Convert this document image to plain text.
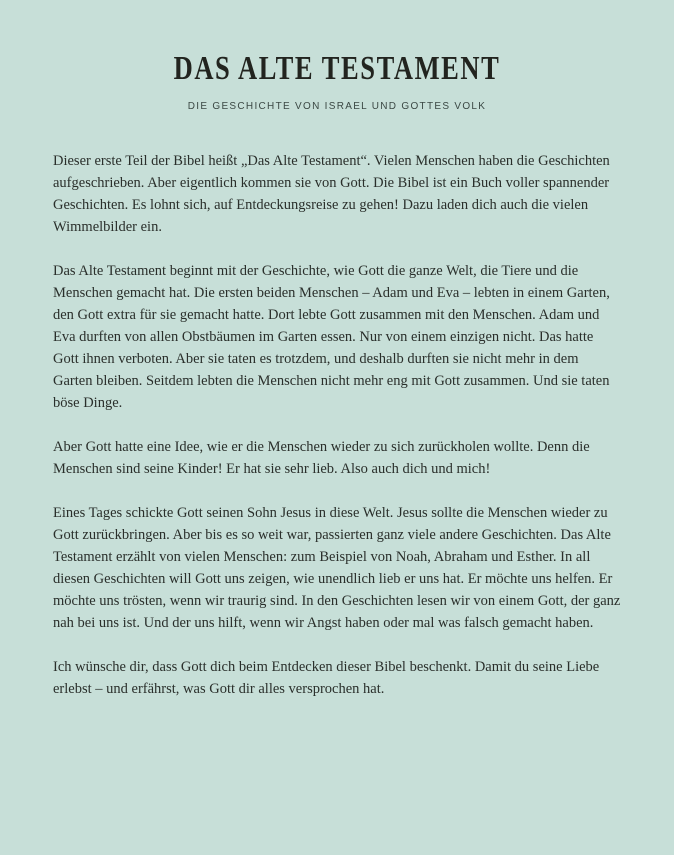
DAS ALTE TESTAMENT
DIE GESCHICHTE VON ISRAEL UND GOTTES VOLK

Dieser erste Teil der Bibel heißt „Das Alte Testament“. Vielen Menschen haben die Geschichten aufgeschrieben. Aber eigentlich kommen sie von Gott. Die Bibel ist ein Buch voller spannender Geschichten. Es lohnt sich, auf Entdeckungsreise zu gehen! Dazu laden dich auch die vielen Wimmelbilder ein.

Das Alte Testament beginnt mit der Geschichte, wie Gott die ganze Welt, die Tiere und die Menschen gemacht hat. Die ersten beiden Menschen – Adam und Eva – lebten in einem Garten, den Gott extra für sie gemacht hatte. Dort lebte Gott zusammen mit den Menschen. Adam und Eva durften von allen Obstbäumen im Garten essen. Nur von einem einzigen nicht. Das hatte Gott ihnen verboten. Aber sie taten es trotzdem, und deshalb durften sie nicht mehr in dem Garten bleiben. Seitdem lebten die Menschen nicht mehr eng mit Gott zusammen. Und sie taten böse Dinge.

Aber Gott hatte eine Idee, wie er die Menschen wieder zu sich zurückholen wollte. Denn die Menschen sind seine Kinder! Er hat sie sehr lieb. Also auch dich und mich!

Eines Tages schickte Gott seinen Sohn Jesus in diese Welt. Jesus sollte die Menschen wieder zu Gott zurückbringen. Aber bis es so weit war, passierten ganz viele andere Geschichten. Das Alte Testament erzählt von vielen Menschen: zum Beispiel von Noah, Abraham und Esther. In all diesen Geschichten will Gott uns zeigen, wie unendlich lieb er uns hat. Er möchte uns helfen. Er möchte uns trösten, wenn wir traurig sind. In den Geschichten lesen wir von einem Gott, der ganz nah bei uns ist. Und der uns hilft, wenn wir Angst haben oder mal was falsch gemacht haben.

Ich wünsche dir, dass Gott dich beim Entdecken dieser Bibel beschenkt. Damit du seine Liebe erlebst – und erfährst, was Gott dir alles versprochen hat.
